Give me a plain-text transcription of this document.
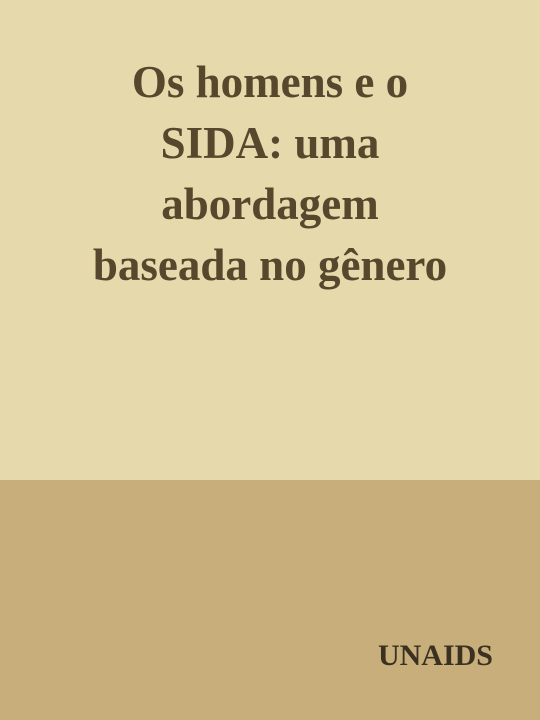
Os homens e o
SIDA: uma
abordagem
baseada no gênero
UNAIDS
